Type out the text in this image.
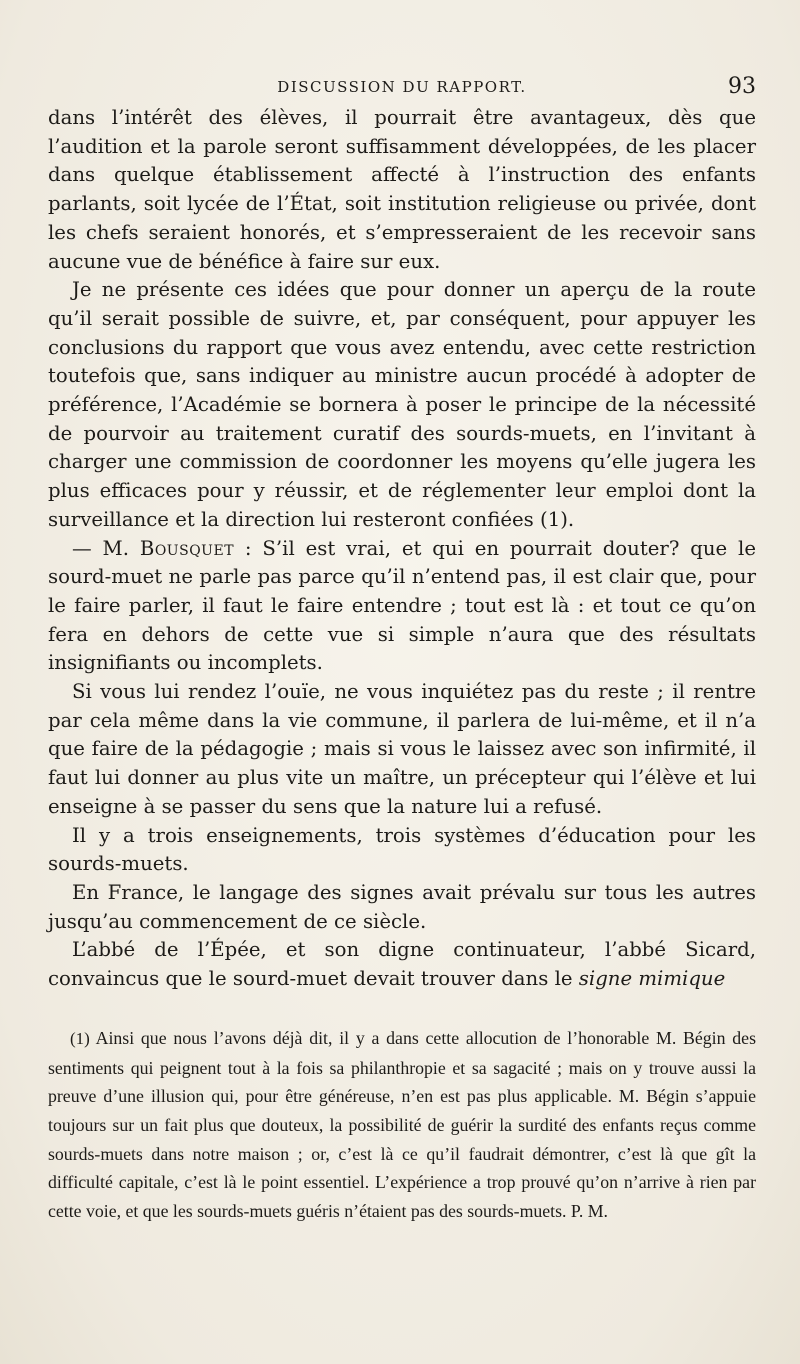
DISCUSSION DU RAPPORT.	93

dans l’intérêt des élèves, il pourrait être avantageux, dès que l’audition et la parole seront suffisamment développées, de les placer dans quelque établissement affecté à l’instruction des enfants parlants, soit lycée de l’État, soit institution religieuse ou privée, dont les chefs seraient honorés, et s’empresseraient de les recevoir sans aucune vue de bénéfice à faire sur eux.

Je ne présente ces idées que pour donner un aperçu de la route qu’il serait possible de suivre, et, par conséquent, pour appuyer les conclusions du rapport que vous avez entendu, avec cette restriction toutefois que, sans indiquer au ministre aucun procédé à adopter de préférence, l’Académie se bornera à poser le principe de la nécessité de pourvoir au traitement curatif des sourds-muets, en l’invitant à charger une commission de coordonner les moyens qu’elle jugera les plus efficaces pour y réussir, et de réglementer leur emploi dont la surveillance et la direction lui resteront confiées (1).

— M. Bousquet : S’il est vrai, et qui en pourrait douter? que le sourd-muet ne parle pas parce qu’il n’entend pas, il est clair que, pour le faire parler, il faut le faire entendre ; tout est là : et tout ce qu’on fera en dehors de cette vue si simple n’aura que des résultats insignifiants ou incomplets.

Si vous lui rendez l’ouïe, ne vous inquiétez pas du reste ; il rentre par cela même dans la vie commune, il parlera de lui-même, et il n’a que faire de la pédagogie ; mais si vous le laissez avec son infirmité, il faut lui donner au plus vite un maître, un précepteur qui l’élève et lui enseigne à se passer du sens que la nature lui a refusé.

Il y a trois enseignements, trois systèmes d’éducation pour les sourds-muets.

En France, le langage des signes avait prévalu sur tous les autres jusqu’au commencement de ce siècle.

L’abbé de l’Épée, et son digne continuateur, l’abbé Sicard, convaincus que le sourd-muet devait trouver dans le signe mimique

(1) Ainsi que nous l’avons déjà dit, il y a dans cette allocution de l’honorable M. Bégin des sentiments qui peignent tout à la fois sa philanthropie et sa sagacité ; mais on y trouve aussi la preuve d’une illusion qui, pour être généreuse, n’en est pas plus applicable. M. Bégin s’appuie toujours sur un fait plus que douteux, la possibilité de guérir la surdité des enfants reçus comme sourds-muets dans notre maison ; or, c’est là ce qu’il faudrait démontrer, c’est là que gît la difficulté capitale, c’est là le point essentiel. L’expérience a trop prouvé qu’on n’arrive à rien par cette voie, et que les sourds-muets guéris n’étaient pas des sourds-muets. P. M.
